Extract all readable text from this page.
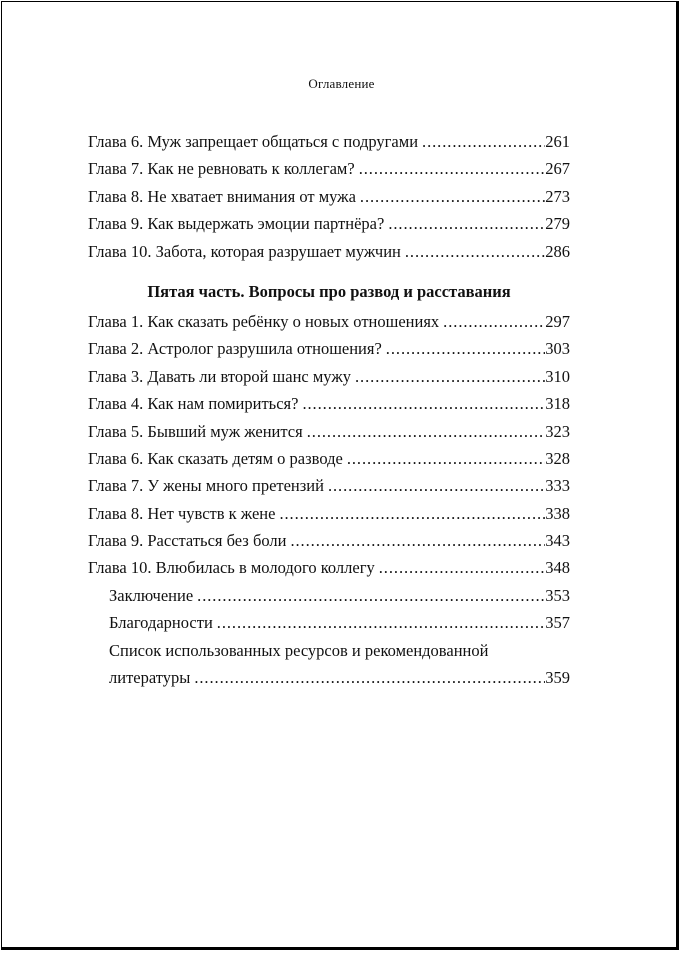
Оглавление
Глава 6. Муж запрещает общаться с подругами . . .	261
Глава 7. Как не ревновать к коллегам? . . .	267
Глава 8. Не хватает внимания от мужа . . .	273
Глава 9. Как выдержать эмоции партнёра? . . .	279
Глава 10. Забота, которая разрушает мужчин . . .	286
Пятая часть. Вопросы про развод и расставания
Глава 1. Как сказать ребёнку о новых отношениях . . .	297
Глава 2. Астролог разрушила отношения? . . .	303
Глава 3. Давать ли второй шанс мужу . . .	310
Глава 4. Как нам помириться? . . .	318
Глава 5. Бывший муж женится . . .	323
Глава 6. Как сказать детям о разводе . . .	328
Глава 7. У жены много претензий . . .	333
Глава 8. Нет чувств к жене . . .	338
Глава 9. Расстаться без боли . . .	343
Глава 10. Влюбилась в молодого коллегу . . .	348
Заключение . . .	353
Благодарности . . .	357
Список использованных ресурсов и рекомендованной
литературы . . .	359
